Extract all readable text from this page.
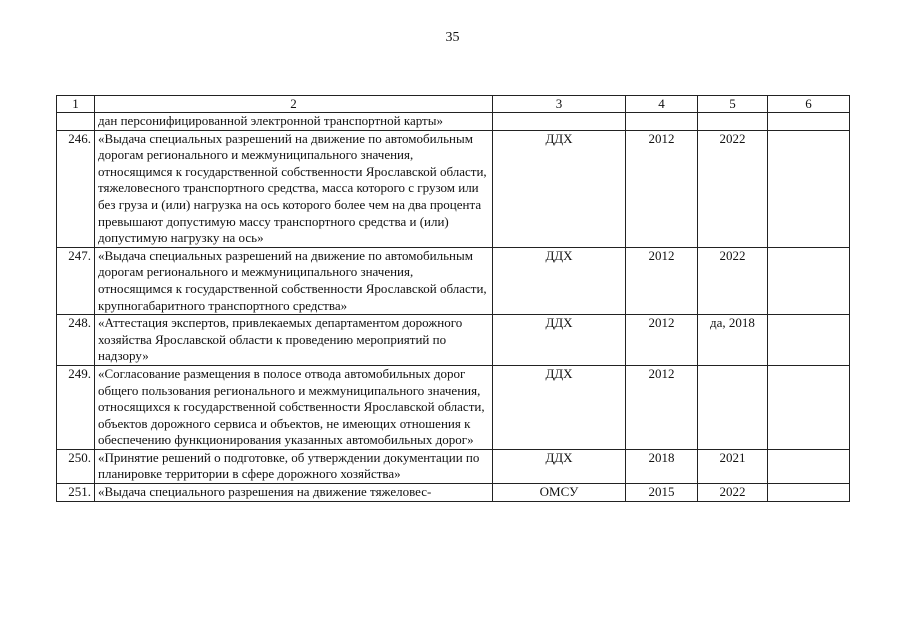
35
1	2	3	4	5	6
	дан персонифицированной электронной транспортной карты»				
246.	«Выдача специальных разрешений на движение по автомобильным дорогам регионального и межмуниципального значения, относящимся к государственной собственности Ярославской области, тяжеловесного транспортного средства, масса которого с грузом или без груза и (или) нагрузка на ось которого более чем на два процента превышают допустимую массу транспортного средства и (или) допустимую нагрузку на ось»	ДДХ	2012	2022	
247.	«Выдача специальных разрешений на движение по автомобильным дорогам регионального и межмуниципального значения, относящимся к государственной собственности Ярославской области, крупногабаритного транспортного средства»	ДДХ	2012	2022	
248.	«Аттестация экспертов, привлекаемых департаментом дорожного хозяйства Ярославской области к проведению мероприятий по надзору»	ДДХ	2012	да, 2018	
249.	«Согласование размещения в полосе отвода автомобильных дорог общего пользования регионального и межмуниципального значения, относящихся к государственной собственности Ярославской области, объектов дорожного сервиса и объектов, не имеющих отношения к обеспечению функционирования указанных автомобильных дорог»	ДДХ	2012		
250.	«Принятие решений о подготовке, об утверждении документации по планировке территории в сфере дорожного хозяйства»	ДДХ	2018	2021	
251.	«Выдача специального разрешения на движение тяжеловес-	ОМСУ	2015	2022	
